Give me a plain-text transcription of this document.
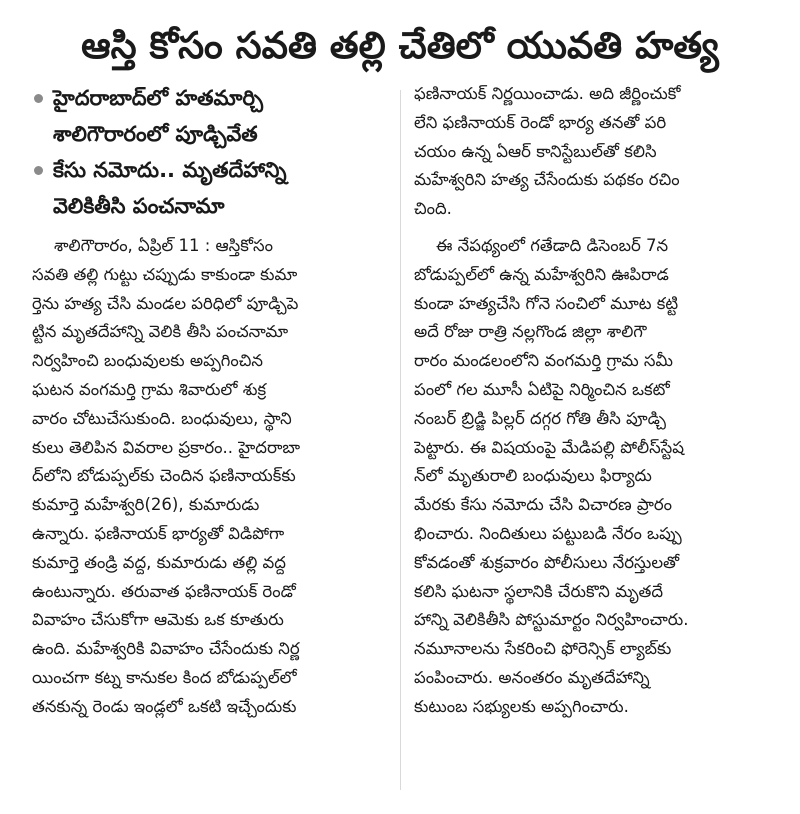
ఆస్తి కోసం సవతి తల్లి చేతిలో యువతి హత్య
హైదరాబాద్‌లో హతమార్చి
శాలిగౌరారంలో పూడ్చివేత
కేసు నమోదు.. మృతదేహాన్ని
వెలికితీసి పంచనామా
శాలిగౌరారం, ఏప్రిల్ 11 : ఆస్తికోసం
సవతి తల్లి గుట్టు చప్పుడు కాకుండా కుమా
ర్తెను హత్య చేసి మండల పరిధిలో పూడ్చిపె
ట్టిన మృతదేహాన్ని వెలికి తీసి పంచనామా
నిర్వహించి బంధువులకు అప్పగించిన
ఘటన వంగమర్తి గ్రామ శివారులో శుక్ర
వారం చోటుచేసుకుంది. బంధువులు, స్థాని
కులు తెలిపిన వివరాల ప్రకారం.. హైదరాబా
ద్‌లోని బోడుప్పల్‌కు చెందిన ఫణినాయక్‌కు
కుమార్తె మహేశ్వరి(26), కుమారుడు
ఉన్నారు. ఫణినాయక్ భార్యతో విడిపోగా
కుమార్తె తండ్రి వద్ద, కుమారుడు తల్లి వద్ద
ఉంటున్నారు. తరువాత ఫణినాయక్ రెండో
వివాహం చేసుకోగా ఆమెకు ఒక కూతురు
ఉంది. మహేశ్వరికి వివాహం చేసేందుకు నిర్ణ
యించగా కట్న కానుకల కింద బోడుప్పల్‌లో
తనకున్న రెండు ఇండ్లలో ఒకటి ఇచ్చేందుకు
ఫణినాయక్ నిర్ణయించాడు. అది జీర్ణించుకో
లేని ఫణినాయక్ రెండో భార్య తనతో పరి
చయం ఉన్న ఏఆర్ కానిస్టేబుల్‌తో కలిసి
మహేశ్వరిని హత్య చేసేందుకు పథకం రచిం
చింది.
ఈ నేపథ్యంలో గతేడాది డిసెంబర్ 7న
బోడుప్పల్‌లో ఉన్న మహేశ్వరిని ఊపిరాడ
కుండా హత్యచేసి గోనె సంచిలో మూట కట్టి
అదే రోజు రాత్రి నల్లగొండ జిల్లా శాలిగౌ
రారం మండలంలోని వంగమర్తి గ్రామ సమీ
పంలో గల మూసీ ఏటిపై నిర్మించిన ఒకటో
నంబర్ బ్రిడ్జి పిల్లర్ దగ్గర గోతి తీసి పూడ్చి
పెట్టారు. ఈ విషయంపై మేడిపల్లి పోలీస్‌స్టేష
న్‌లో మృతురాలి బంధువులు ఫిర్యాదు
మేరకు కేసు నమోదు చేసి విచారణ ప్రారం
భించారు. నిందితులు పట్టుబడి నేరం ఒప్పు
కోవడంతో శుక్రవారం పోలీసులు నేరస్తులతో
కలిసి ఘటనా స్థలానికి చేరుకొని మృతదే
హాన్ని వెలికితీసి పోస్టుమార్టం నిర్వహించారు.
నమూనాలను సేకరించి ఫోరెన్సిక్ ల్యాబ్‌కు
పంపించారు. అనంతరం మృతదేహాన్ని
కుటుంబ సభ్యులకు అప్పగించారు.
